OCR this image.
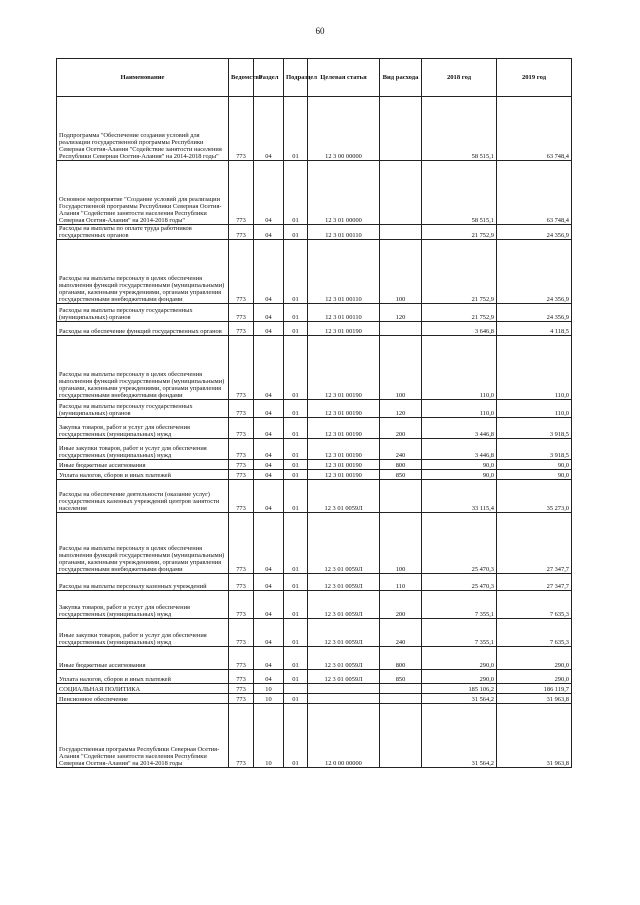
60
Наименование	Ведомство	Раздел	Подраздел	Целевая статья	Вид расхода	2018 год	2019 год
Подпрограмма "Обеспечение создания условий для реализации государственной программы Республики Северная Осетия-Алания "Содействие занятости населения Республики Северная Осетия-Алания" на 2014-2018 годы"	773	04	01	12 3 00 00000		58 515,1	63 748,4
Основное мероприятие "Создание условий для реализации Государственной программы Республики Северная Осетия-Алания "Содействие занятости населения Республики Северная Осетия-Алания" на 2014-2018 годы"	773	04	01	12 3 01 00000		58 515,1	63 748,4
Расходы на выплаты по оплате труда работников государственных органов	773	04	01	12 3 01 00110		21 752,9	24 356,9
Расходы на выплаты персоналу в целях обеспечения выполнения функций государственными (муниципальными) органами, казенными учреждениями, органами управления государственными внебюджетными фондами	773	04	01	12 3 01 00110	100	21 752,9	24 356,9
Расходы на выплаты персоналу государственных (муниципальных) органов	773	04	01	12 3 01 00110	120	21 752,9	24 356,9
Расходы на обеспечение функций государственных органов	773	04	01	12 3 01 00190		3 646,8	4 118,5
Расходы на выплаты персоналу в целях обеспечения выполнения функций государственными (муниципальными) органами, казенными учреждениями, органами управления государственными внебюджетными фондами	773	04	01	12 3 01 00190	100	110,0	110,0
Расходы на выплаты персоналу государственных (муниципальных) органов	773	04	01	12 3 01 00190	120	110,0	110,0
Закупка товаров, работ и услуг для обеспечения государственных (муниципальных) нужд	773	04	01	12 3 01 00190	200	3 446,8	3 918,5
Иные закупки товаров, работ и услуг для обеспечения государственных (муниципальных) нужд	773	04	01	12 3 01 00190	240	3 446,8	3 918,5
Иные бюджетные ассигнования	773	04	01	12 3 01 00190	800	90,0	90,0
Уплата налогов, сборов и иных платежей	773	04	01	12 3 01 00190	850	90,0	90,0
Расходы на обеспечение деятельности (оказание услуг) государственных казенных учреждений центров занятости населения	773	04	01	12 3 01 0059Л		33 115,4	35 273,0
Расходы на выплаты персоналу в целях обеспечения выполнения функций государственными (муниципальными) органами, казенными учреждениями, органами управления государственными внебюджетными фондами	773	04	01	12 3 01 0059Л	100	25 470,3	27 347,7
Расходы на выплаты персоналу казенных учреждений	773	04	01	12 3 01 0059Л	110	25 470,3	27 347,7
Закупка товаров, работ и услуг для обеспечения государственных (муниципальных) нужд	773	04	01	12 3 01 0059Л	200	7 355,1	7 635,3
Иные закупки товаров, работ и услуг для обеспечения государственных (муниципальных) нужд	773	04	01	12 3 01 0059Л	240	7 355,1	7 635,3
Иные бюджетные ассигнования	773	04	01	12 3 01 0059Л	800	290,0	290,0
Уплата налогов, сборов и иных платежей	773	04	01	12 3 01 0059Л	850	290,0	290,0
СОЦИАЛЬНАЯ ПОЛИТИКА	773	10				185 106,2	186 119,7
Пенсионное обеспечение	773	10	01			31 564,2	31 963,8
Государственная программа Республики Северная Осетия-Алания "Содействие занятости населения Республики Северная Осетия-Алания" на 2014-2018 годы	773	10	01	12 0 00 00000		31 564,2	31 963,8
